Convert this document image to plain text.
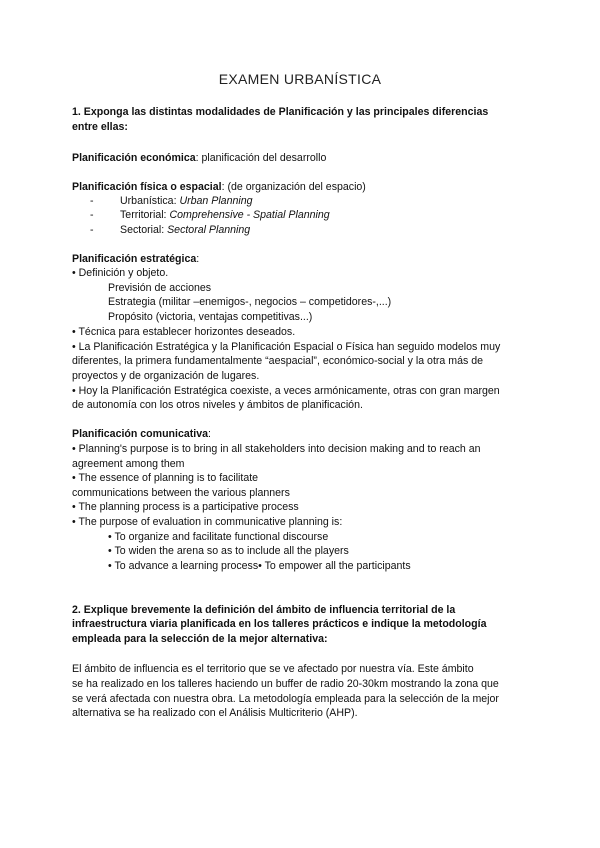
EXAMEN URBANÍSTICA
1. Exponga las distintas modalidades de Planificación y las principales diferencias
entre ellas:
Planificación económica: planificación del desarrollo
Planificación física o espacial: (de organización del espacio)
- Urbanística: Urban Planning
- Territorial: Comprehensive - Spatial Planning
- Sectorial: Sectoral Planning
Planificación estratégica:
• Definición y objeto.
Previsión de acciones
Estrategia (militar –enemigos-, negocios – competidores-,...)
Propósito (victoria, ventajas competitivas...)
• Técnica para establecer horizontes deseados.
• La Planificación Estratégica y la Planificación Espacial o Física han seguido modelos muy
diferentes, la primera fundamentalmente “aespacial”, económico-social y la otra más de
proyectos y de organización de lugares.
• Hoy la Planificación Estratégica coexiste, a veces armónicamente, otras con gran margen
de autonomía con los otros niveles y ámbitos de planificación.
Planificación comunicativa:
• Planning's purpose is to bring in all stakeholders into decision making and to reach an
agreement among them
• The essence of planning is to facilitate
communications between the various planners
• The planning process is a participative process
• The purpose of evaluation in communicative planning is:
• To organize and facilitate functional discourse
• To widen the arena so as to include all the players
• To advance a learning process• To empower all the participants
2. Explique brevemente la definición del ámbito de influencia territorial de la
infraestructura viaria planificada en los talleres prácticos e indique la metodología
empleada para la selección de la mejor alternativa:
El ámbito de influencia es el territorio que se ve afectado por nuestra vía. Este ámbito
se ha realizado en los talleres haciendo un buffer de radio 20-30km mostrando la zona que
se verá afectada con nuestra obra. La metodología empleada para la selección de la mejor
alternativa se ha realizado con el Análisis Multicriterio (AHP).
